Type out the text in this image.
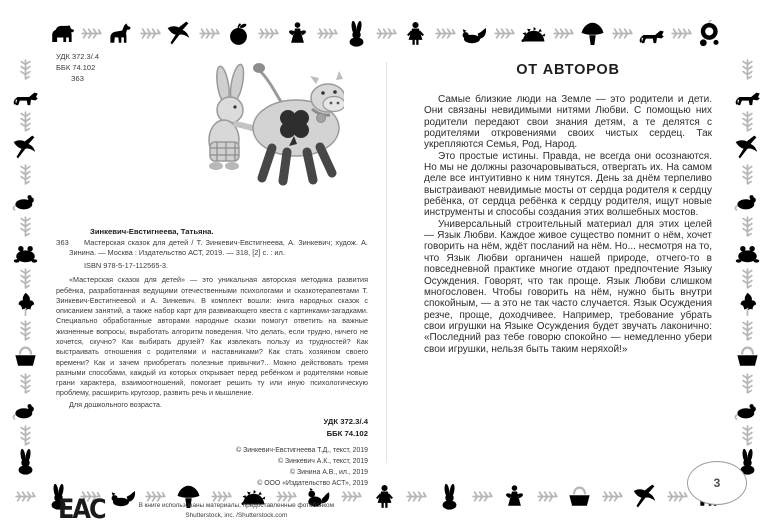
УДК 372.3/.4
ББК 74.102
З63
Зинкевич-Евстигнеева, Татьяна.
З63	Мастерская сказок для детей / Т. Зинкевич-Евстигнеева, А. Зинкевич; худож. А. Зинина. — Москва : Издательство АСТ, 2019. — 318, [2] с. : ил.

ISBN 978-5-17-112565-3.

«Мастерская сказок для детей» — это уникальная авторская методика развития ребёнка, разработанная ведущими отечественными психологами и сказкотерапевтами Т. Зинкевич-Евстигнеевой и А. Зинкевич. В комплект вошли: книга народных сказок с описанием занятий, а также набор карт для развивающего квеста с картинками-загадками. Специально обработанные авторами народные сказки помогут ответить на важные жизненные вопросы, выработать алгоритм поведения. Что делать, если трудно, ничего не хочется, скучно? Как выбирать друзей? Как извлекать пользу из трудностей? Как выстраивать отношения с родителями и наставниками? Как стать хозяином своего времени? Как и зачем приобретать полезные привычки?.. Можно действовать тремя разными способами, каждый из которых открывает перед ребёнком и родителями новые грани характера, взаимоотношений, помогает решить ту или иную психологическую проблему, расширить кругозор, развить речь и мышление.

Для дошкольного возраста.

УДК 372.3/.4
ББК 74.102
© Зинкевич-Евстигнеева Т.Д., текст, 2019
© Зинкевич А.К., текст, 2019
© Зинина А.В., ил., 2019
© ООО «Издательство АСТ», 2019
ЕАС	В книге использованы материалы, предоставленные фотобанком
Shutterstock, inc. /Shutterstock.com
ОТ АВТОРОВ

Самые близкие люди на Земле — это родители и дети. Они связаны невидимыми нитями Любви. С помощью них родители передают свои знания детям, а те делятся с родителями откровениями своих чистых сердец. Так укрепляются Семья, Род, Народ.

Это простые истины. Правда, не всегда они осознаются. Но мы не должны разочаровываться, отвергать их. На самом деле все интуитивно к ним тянутся. День за днём терпеливо выстраивают невидимые мосты от сердца родителя к сердцу ребёнка, от сердца ребёнка к сердцу родителя, ищут новые инструменты и способы создания этих волшебных мостов.

Универсальный строительный материал для этих целей — Язык Любви. Каждое живое существо помнит о нём, хочет говорить на нём, ждёт посланий на нём. Но... несмотря на то, что Язык Любви органичен нашей природе, отчего-то в повседневной практике многие отдают предпочтение Языку Осуждения. Говорят, что так проще. Язык Любви слишком многословен. Чтобы говорить на нём, нужно быть внутри спокойным, — а это не так часто случается. Язык Осуждения резче, проще, доходчивее. Например, требование убрать свои игрушки на Языке Осуждения будет звучать лаконично: «Последний раз тебе говорю спокойно — немедленно убери свои игрушки, нельзя быть таким неряхой!»

3
